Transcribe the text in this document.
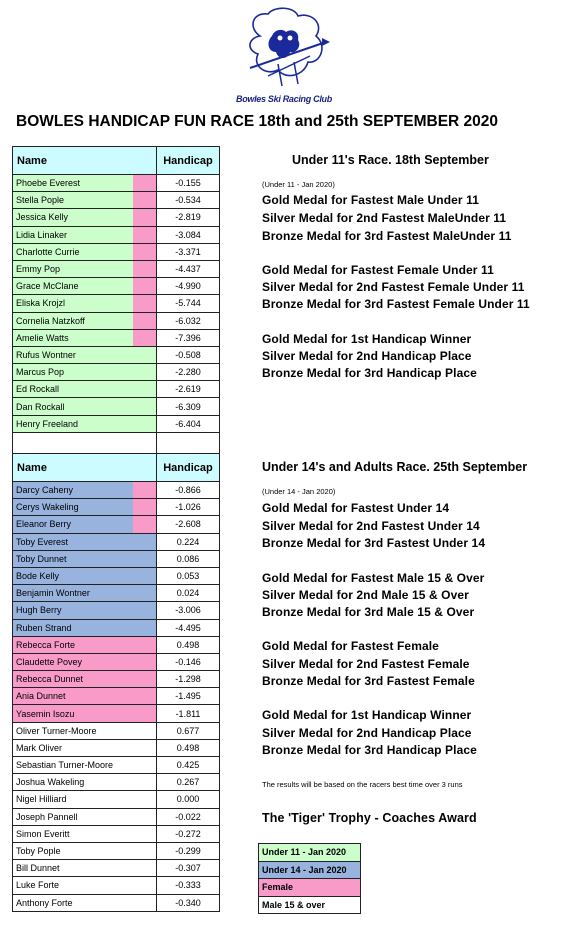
Bowles Ski Racing Club
BOWLES HANDICAP FUN RACE 18th and 25th SEPTEMBER 2020
Name		Handicap
Phoebe Everest		-0.155
Stella Pople		-0.534
Jessica Kelly		-2.819
Lidia Linaker		-3.084
Charlotte Currie		-3.371
Emmy Pop		-4.437
Grace McClane		-4.990
Eliska Krojzl		-5.744
Cornelia Natzkoff		-6.032
Amelie Watts		-7.396
Rufus Wontner		-0.508
Marcus Pop		-2.280
Ed Rockall		-2.619
Dan Rockall		-6.309
Henry Freeland		-6.404

Name		Handicap
Darcy Caheny		-0.866
Cerys Wakeling		-1.026
Eleanor Berry		-2.608
Toby Everest		0.224
Toby Dunnet		0.086
Bode Kelly		0.053
Benjamin Wontner		0.024
Hugh Berry		-3.006
Ruben Strand		-4.495
Rebecca Forte		0.498
Claudette Povey		-0.146
Rebecca Dunnet		-1.298
Ania Dunnet		-1.495
Yasemin Isozu		-1.811
Oliver Turner-Moore		0.677
Mark Oliver		0.498
Sebastian Turner-Moore		0.425
Joshua Wakeling		0.267
Nigel Hilliard		0.000
Joseph Pannell		-0.022
Simon Everitt		-0.272
Toby Pople		-0.299
Bill Dunnet		-0.307
Luke Forte		-0.333
Anthony Forte		-0.340
Under 11's Race. 18th September
(Under 11 - Jan 2020)
Gold Medal for Fastest Male Under 11
Silver Medal for 2nd Fastest MaleUnder 11
Bronze Medal for 3rd Fastest MaleUnder 11
Gold Medal for Fastest Female Under 11
Silver Medal for 2nd Fastest Female Under 11
Bronze Medal for 3rd Fastest Female Under 11
Gold Medal for 1st Handicap Winner
Silver Medal for 2nd Handicap Place
Bronze Medal for 3rd Handicap Place
Under 14's and Adults Race. 25th September
(Under 14 - Jan 2020)
Gold Medal for Fastest Under 14
Silver Medal for 2nd Fastest Under 14
Bronze Medal for 3rd Fastest Under 14
Gold Medal for Fastest Male 15 & Over
Silver Medal for 2nd Male 15 & Over
Bronze Medal for 3rd Male 15 & Over
Gold Medal for Fastest Female
Silver Medal for 2nd Fastest Female
Bronze Medal for 3rd Fastest Female
Gold Medal for 1st Handicap Winner
Silver Medal for 2nd Handicap Place
Bronze Medal for 3rd Handicap Place
The results will be based on the racers best time over 3 runs
The 'Tiger' Trophy - Coaches Award
Under 11 - Jan 2020
Under 14 - Jan 2020
Female
Male 15 & over
